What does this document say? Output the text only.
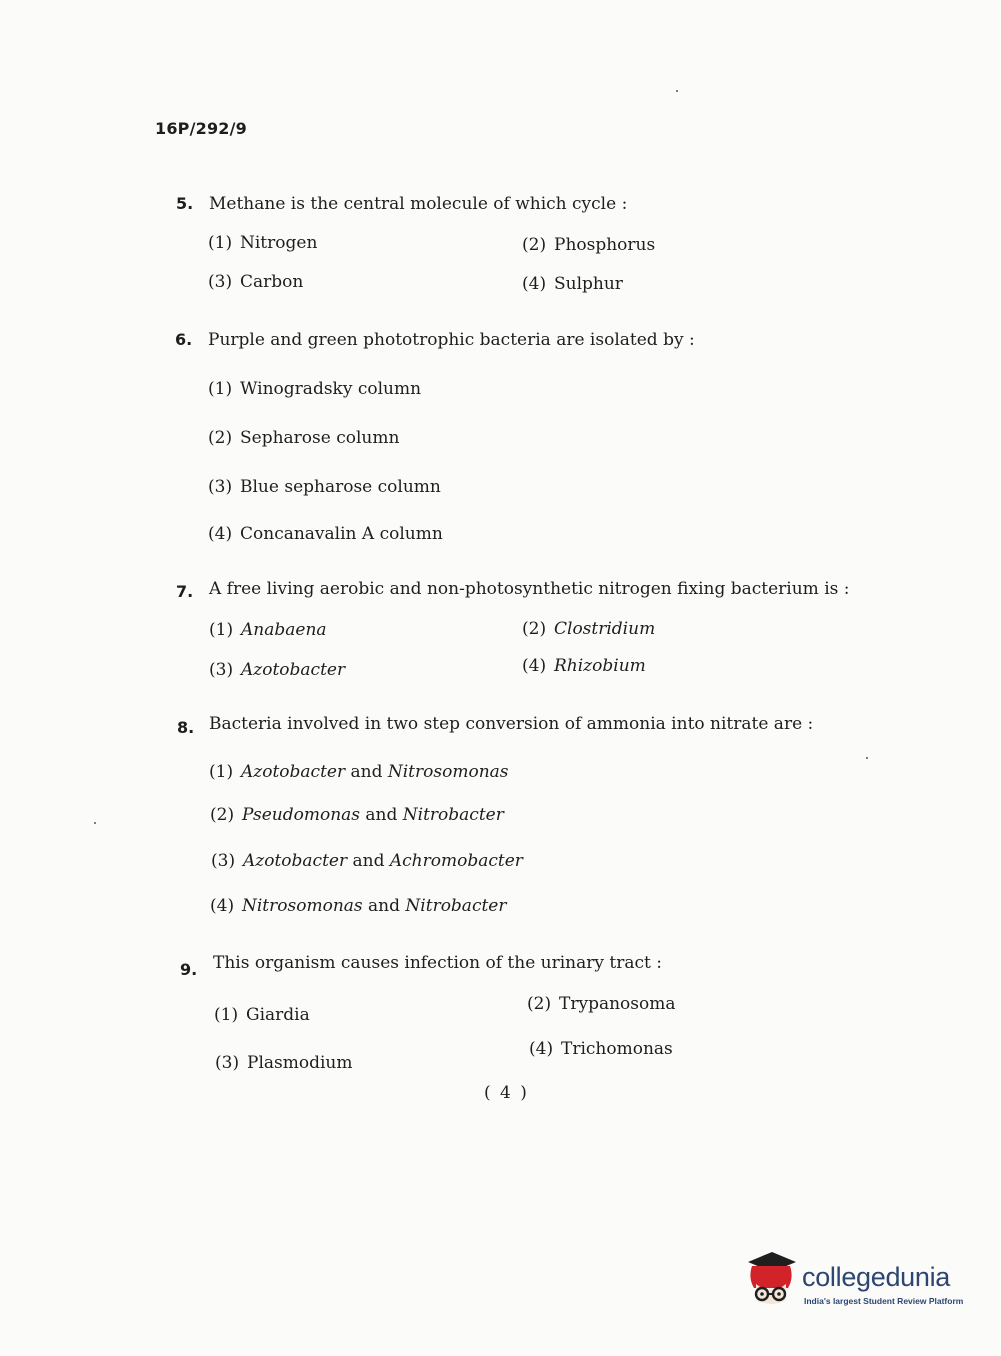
16P/292/9
5. Methane is the central molecule of which cycle :
(1) Nitrogen	(2) Phosphorus
(3) Carbon	(4) Sulphur
6. Purple and green phototrophic bacteria are isolated by :
(1) Winogradsky column
(2) Sepharose column
(3) Blue sepharose column
(4) Concanavalin A column
7. A free living aerobic and non-photosynthetic nitrogen fixing bacterium is :
(1) Anabaena	(2) Clostridium
(3) Azotobacter	(4) Rhizobium
8. Bacteria involved in two step conversion of ammonia into nitrate are :
(1) Azotobacter and Nitrosomonas
(2) Pseudomonas and Nitrobacter
(3) Azotobacter and Achromobacter
(4) Nitrosomonas and Nitrobacter
9. This organism causes infection of the urinary tract :
(1) Giardia
(2) Trypanosoma
(3) Plasmodium
(4) Trichomonas
( 4 )
collegedunia
India's largest Student Review Platform
